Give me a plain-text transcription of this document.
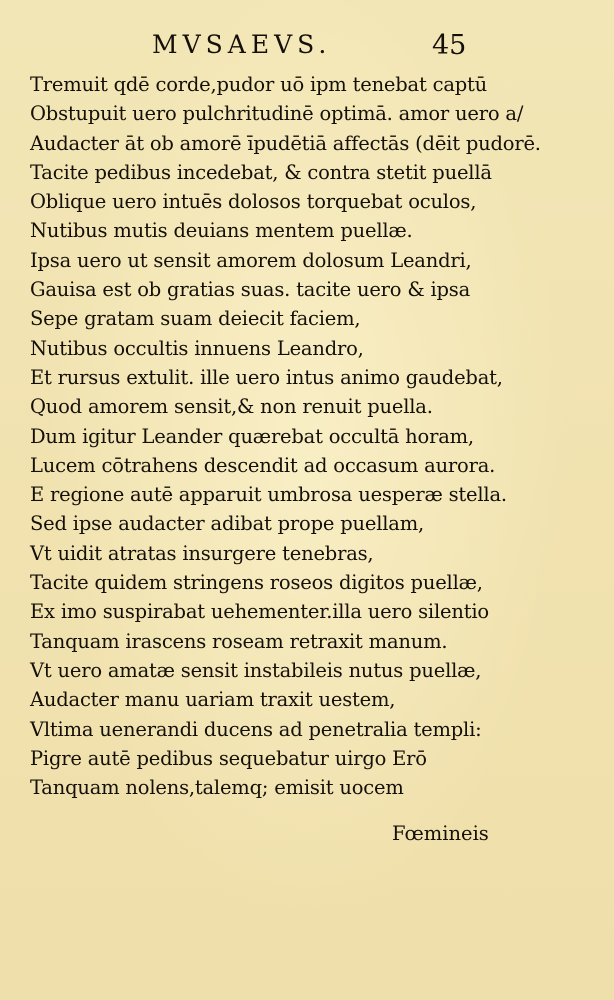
MVSAEVS.	45
Tremuit qdē corde,pudor uō ipm tenebat captū
Obstupuit uero pulchritudinē optimā. amor uero a/
Audacter āt ob amorē īpudētiā affectās (dēit pudorē.
Tacite pedibus incedebat, & contra stetit puellā
Oblique uero intuēs dolosos torquebat oculos,
Nutibus mutis deuians mentem puellæ.
Ipsa uero ut sensit amorem dolosum Leandri,
Gauisa est ob gratias suas. tacite uero & ipsa
Sepe gratam suam deiecit faciem,
Nutibus occultis innuens Leandro,
Et rursus extulit. ille uero intus animo gaudebat,
Quod amorem sensit,& non renuit puella.
Dum igitur Leander quærebat occultā horam,
Lucem cōtrahens descendit ad occasum aurora.
E regione autē apparuit umbrosa uesperæ stella.
Sed ipse audacter adibat prope puellam,
Vt uidit atratas insurgere tenebras,
Tacite quidem stringens roseos digitos puellæ,
Ex imo suspirabat uehementer.illa uero silentio
Tanquam irascens roseam retraxit manum.
Vt uero amatæ sensit instabileis nutus puellæ,
Audacter manu uariam traxit uestem,
Vltima uenerandi ducens ad penetralia templi:
Pigre autē pedibus sequebatur uirgo Erō
Tanquam nolens,talemq; emisit uocem
Fœmineis
